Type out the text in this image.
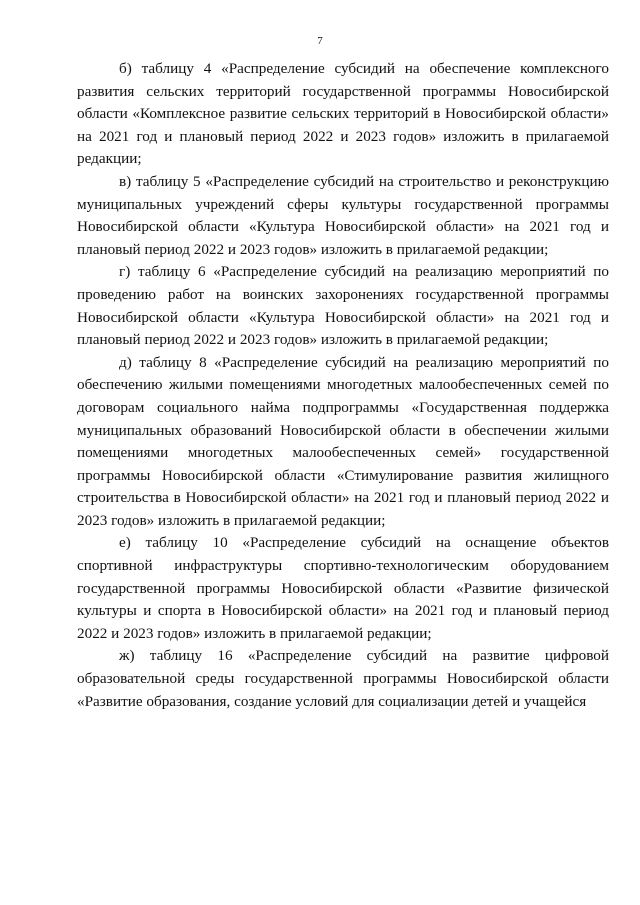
7

б) таблицу 4 «Распределение субсидий на обеспечение комплексного развития сельских территорий государственной программы Новосибирской области «Комплексное развитие сельских территорий в Новосибирской области» на 2021 год и плановый период 2022 и 2023 годов» изложить в прилагаемой редакции;

в) таблицу 5 «Распределение субсидий на строительство и реконструкцию муниципальных учреждений сферы культуры государственной программы Новосибирской области «Культура Новосибирской области» на 2021 год и плановый период 2022 и 2023 годов» изложить в прилагаемой редакции;

г) таблицу 6 «Распределение субсидий на реализацию мероприятий по проведению работ на воинских захоронениях государственной программы Новосибирской области «Культура Новосибирской области» на 2021 год и плановый период 2022 и 2023 годов» изложить в прилагаемой редакции;

д) таблицу 8 «Распределение субсидий на реализацию мероприятий по обеспечению жилыми помещениями многодетных малообеспеченных семей по договорам социального найма подпрограммы «Государственная поддержка муниципальных образований Новосибирской области в обеспечении жилыми помещениями многодетных малообеспеченных семей» государственной программы Новосибирской области «Стимулирование развития жилищного строительства в Новосибирской области» на 2021 год и плановый период 2022 и 2023 годов» изложить в прилагаемой редакции;

е) таблицу 10 «Распределение субсидий на оснащение объектов спортивной инфраструктуры спортивно-технологическим оборудованием государственной программы Новосибирской области «Развитие физической культуры и спорта в Новосибирской области» на 2021 год и плановый период 2022 и 2023 годов» изложить в прилагаемой редакции;

ж) таблицу 16 «Распределение субсидий на развитие цифровой образовательной среды государственной программы Новосибирской области «Развитие образования, создание условий для социализации детей и учащейся
